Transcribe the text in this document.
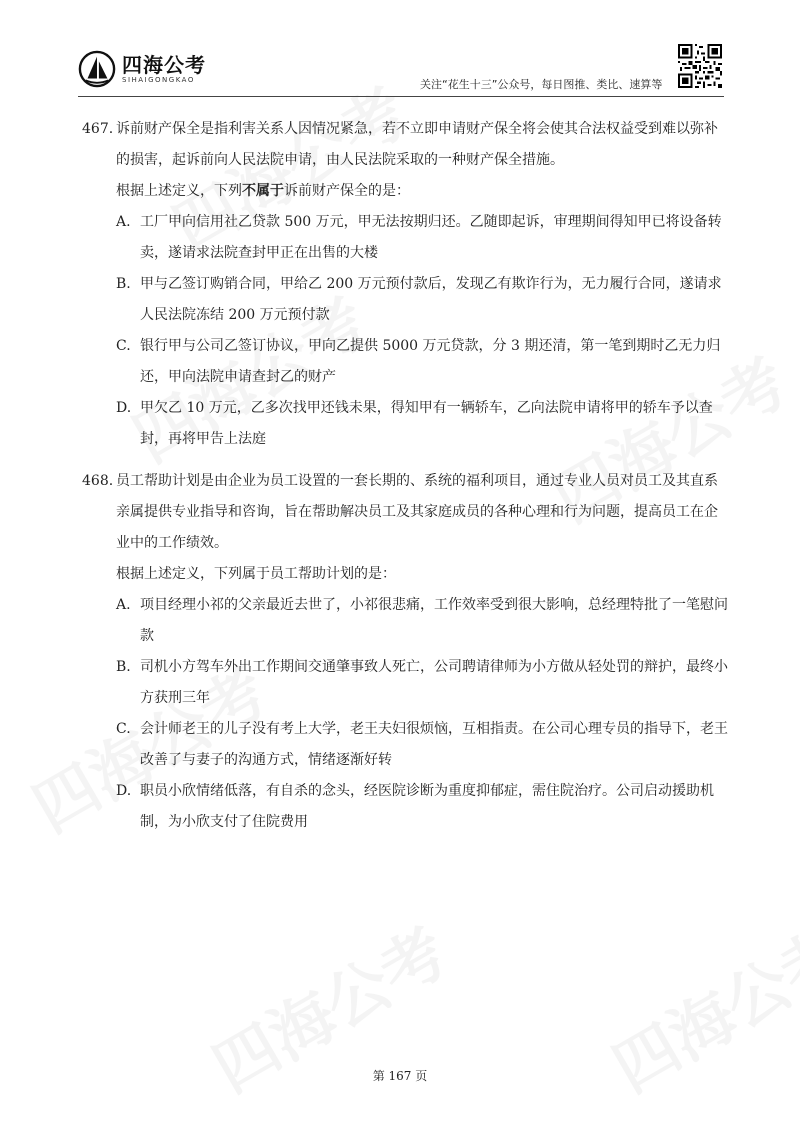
四海公考
SIHAIGONGKAO	关注“花生十三”公众号，每日图推、类比、速算等

467. 诉前财产保全是指利害关系人因情况紧急，若不立即申请财产保全将会使其合法权益受到难以弥补的损害，起诉前向人民法院申请，由人民法院采取的一种财产保全措施。

根据上述定义，下列不属于诉前财产保全的是：

A. 工厂甲向信用社乙贷款 500 万元，甲无法按期归还。乙随即起诉，审理期间得知甲已将设备转卖，遂请求法院查封甲正在出售的大楼

B. 甲与乙签订购销合同，甲给乙 200 万元预付款后，发现乙有欺诈行为，无力履行合同，遂请求人民法院冻结 200 万元预付款

C. 银行甲与公司乙签订协议，甲向乙提供 5000 万元贷款，分 3 期还清，第一笔到期时乙无力归还，甲向法院申请查封乙的财产

D. 甲欠乙 10 万元，乙多次找甲还钱未果，得知甲有一辆轿车，乙向法院申请将甲的轿车予以查封，再将甲告上法庭

468. 员工帮助计划是由企业为员工设置的一套长期的、系统的福利项目，通过专业人员对员工及其直系亲属提供专业指导和咨询，旨在帮助解决员工及其家庭成员的各种心理和行为问题，提高员工在企业中的工作绩效。

根据上述定义，下列属于员工帮助计划的是：

A. 项目经理小祁的父亲最近去世了，小祁很悲痛，工作效率受到很大影响，总经理特批了一笔慰问款

B. 司机小方驾车外出工作期间交通肇事致人死亡，公司聘请律师为小方做从轻处罚的辩护，最终小方获刑三年

C. 会计师老王的儿子没有考上大学，老王夫妇很烦恼，互相指责。在公司心理专员的指导下，老王改善了与妻子的沟通方式，情绪逐渐好转

D. 职员小欣情绪低落，有自杀的念头，经医院诊断为重度抑郁症，需住院治疗。公司启动援助机制，为小欣支付了住院费用

第 167 页
